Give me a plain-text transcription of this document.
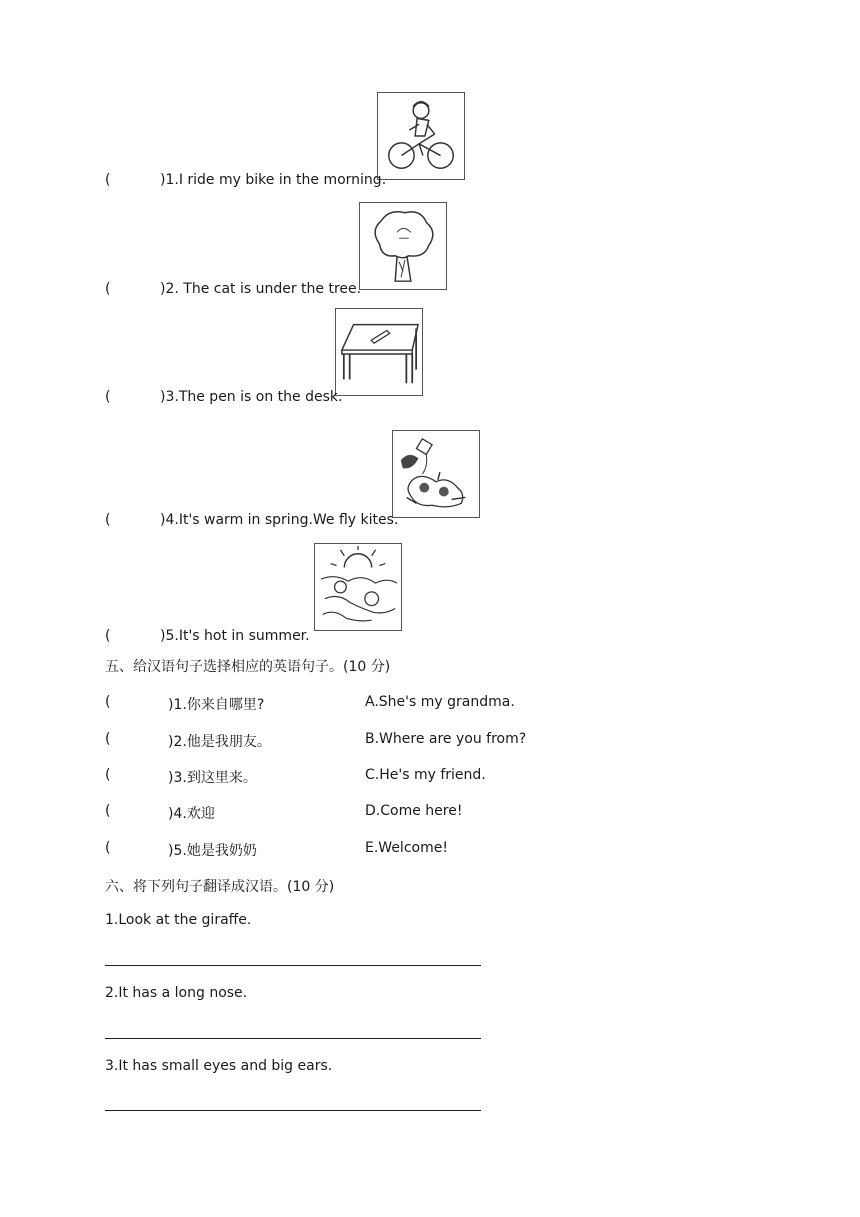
(	)1.I ride my bike in the morning.
(	)2. The cat is under the tree.
(	)3.The pen is on the desk.
(	)4.It's warm in spring.We fly kites.
(	)5.It's hot in summer.
五、给汉语句子选择相应的英语句子。(10 分)
(	)1.你来自哪里?	A.She's my grandma.
(	)2.他是我朋友。	B.Where are you from?
(	)3.到这里来。	C.He's my friend.
(	)4.欢迎	D.Come here!
(	)5.她是我奶奶	E.Welcome!
六、将下列句子翻译成汉语。(10 分)
1.Look at the giraffe.
2.It has a long nose.
3.It has small eyes and big ears.
